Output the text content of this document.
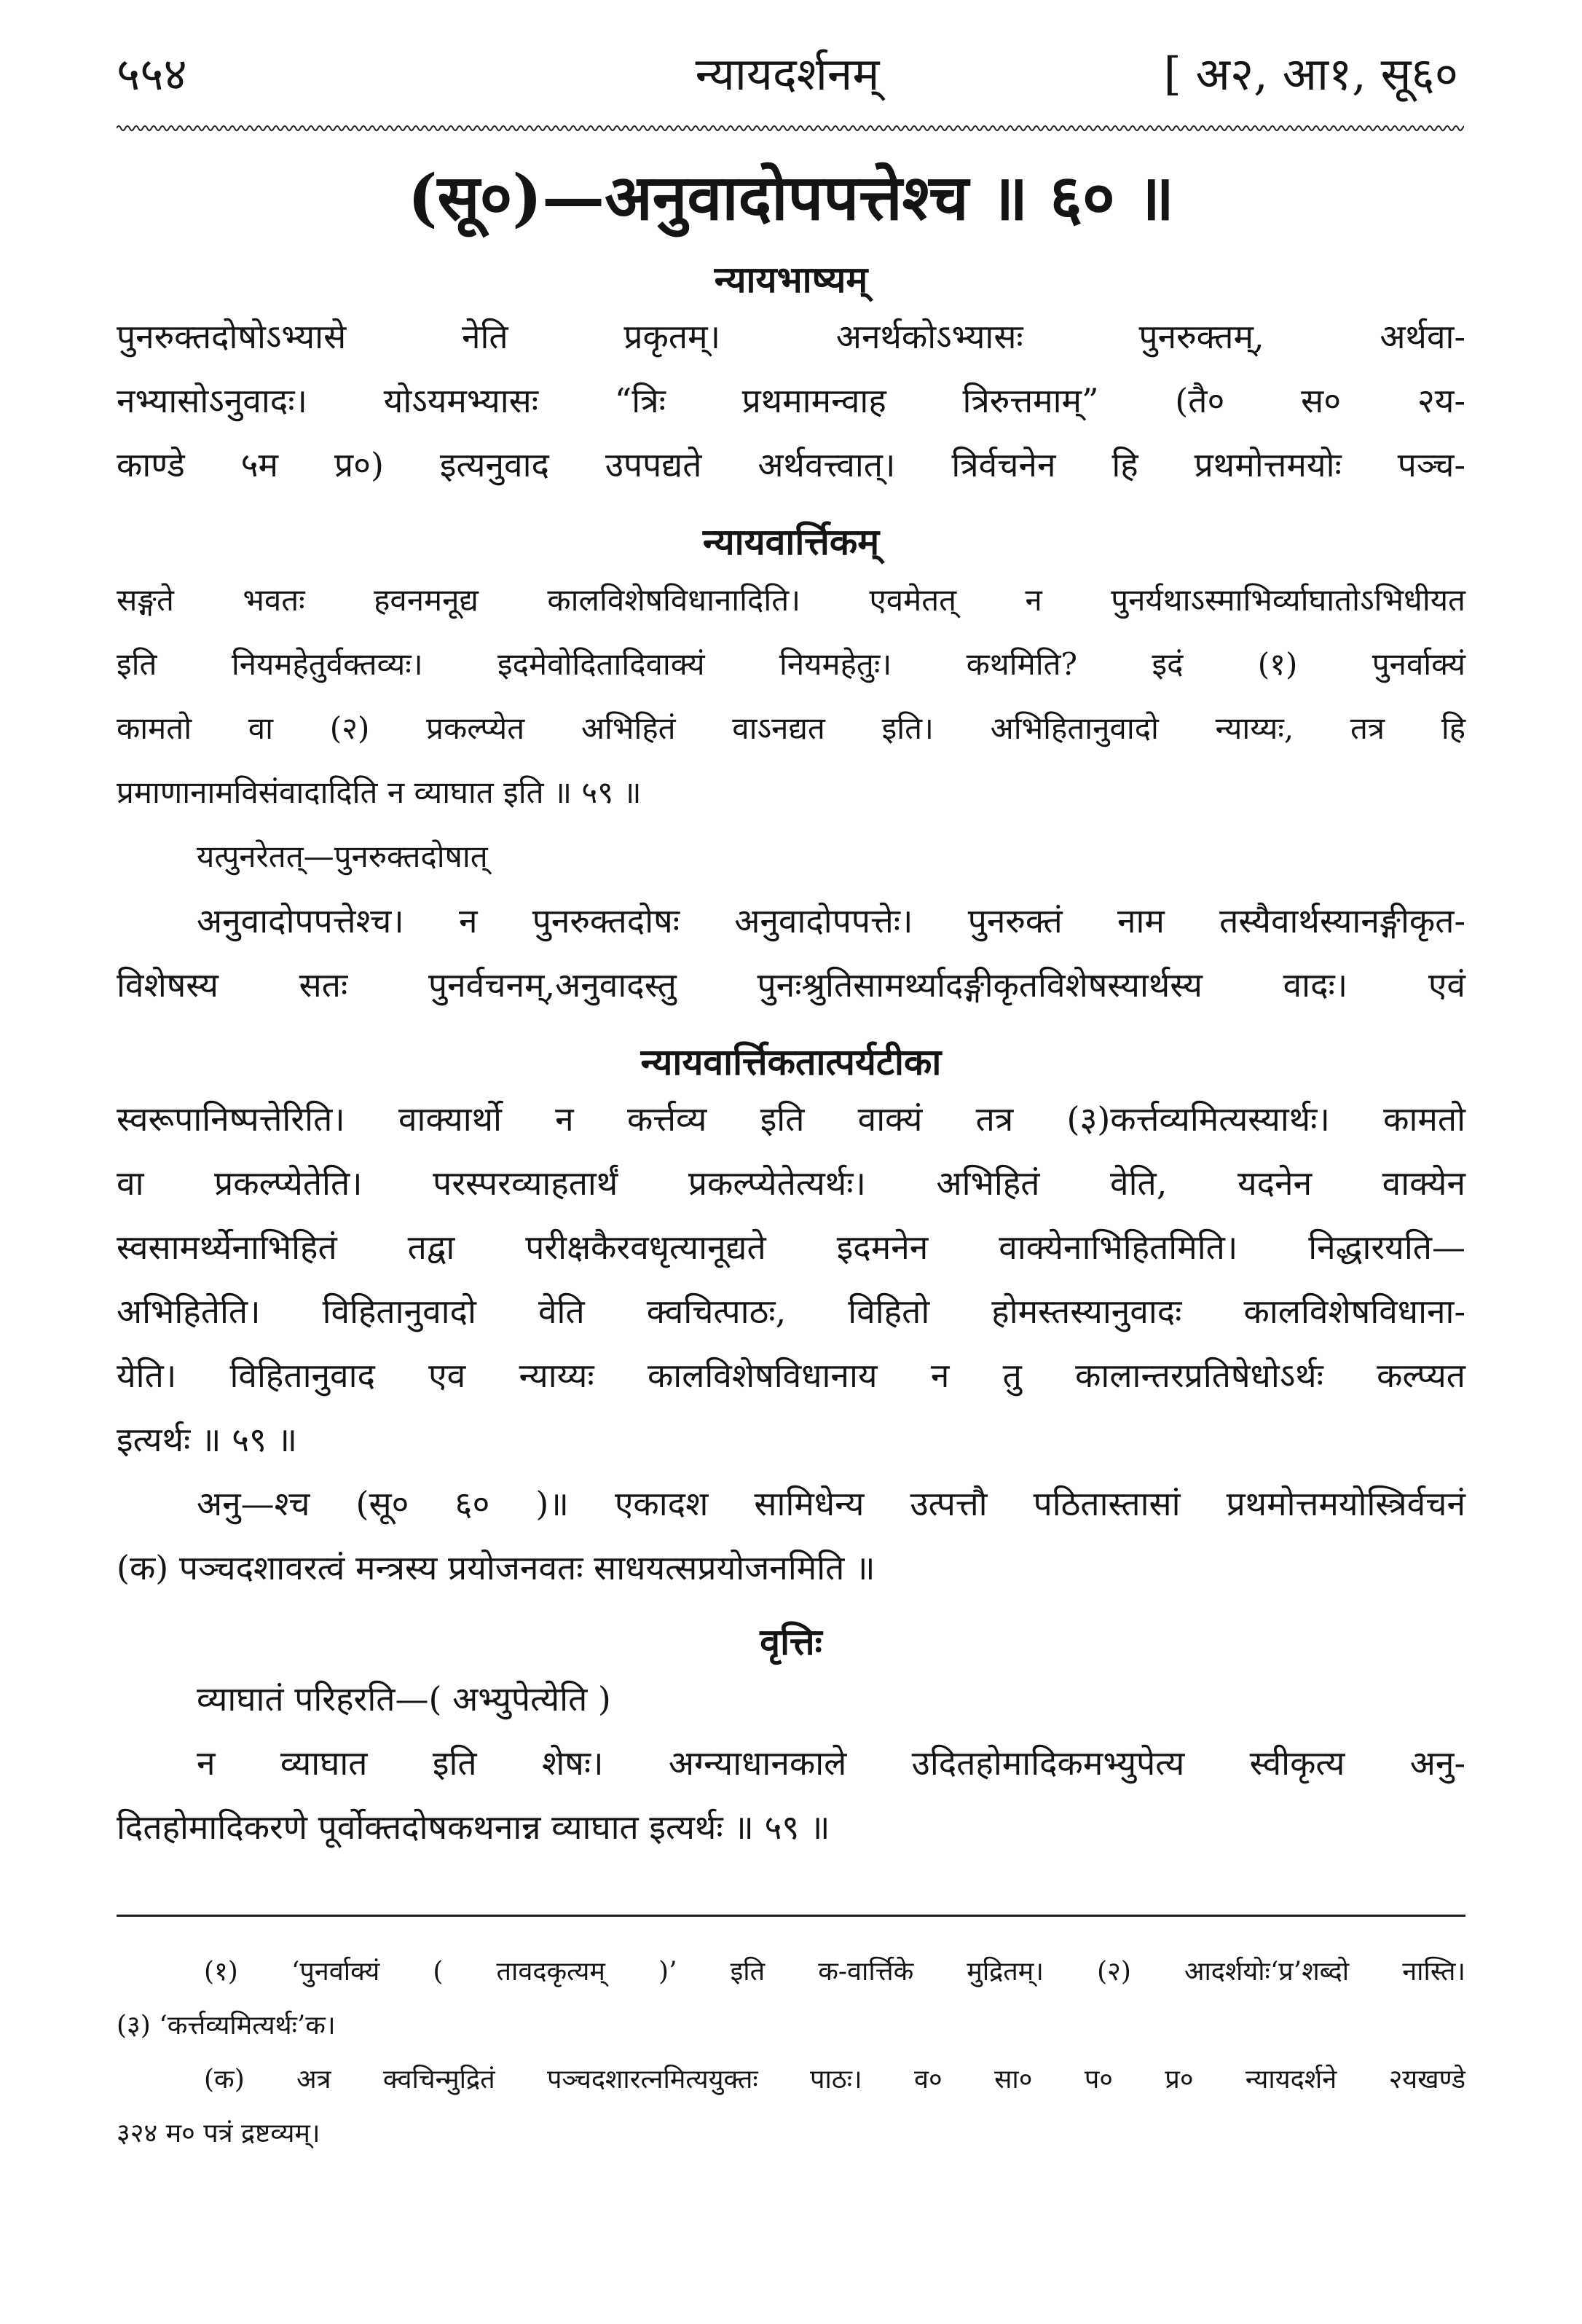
५५४	न्यायदर्शनम्	[ अ२, आ१, सू६०
(सू०)—अनुवादोपपत्तेश्च ॥ ६० ॥
न्यायभाष्यम्
पुनरुक्तदोषोऽभ्यासे नेति प्रकृतम्। अनर्थकोऽभ्यासः पुनरुक्तम्, अर्थवा-
नभ्यासोऽनुवादः। योऽयमभ्यासः “त्रिः प्रथमामन्वाह त्रिरुत्तमाम्” (तै० स० २य-
काण्डे ५म प्र०) इत्यनुवाद उपपद्यते अर्थवत्त्वात्। त्रिर्वचनेन हि प्रथमोत्तमयोः पञ्च-
न्यायवार्त्तिकम्
सङ्गते भवतः हवनमनूद्य कालविशेषविधानादिति। एवमेतत् न पुनर्यथाऽस्माभिर्व्याघातोऽभिधीयत
इति नियमहेतुर्वक्तव्यः। इदमेवोदितादिवाक्यं नियमहेतुः। कथमिति? इदं (१) पुनर्वाक्यं
कामतो वा (२) प्रकल्प्येत अभिहितं वाऽनद्यत इति। अभिहितानुवादो न्याय्यः, तत्र हि
प्रमाणानामविसंवादादिति न व्याघात इति ॥ ५९ ॥
यत्पुनरेतत्—पुनरुक्तदोषात्
अनुवादोपपत्तेश्च। न पुनरुक्तदोषः अनुवादोपपत्तेः। पुनरुक्तं नाम तस्यैवार्थस्यानङ्गीकृत-
विशेषस्य सतः पुनर्वचनम्,अनुवादस्तु पुनःश्रुतिसामर्थ्यादङ्गीकृतविशेषस्यार्थस्य वादः। एवं
न्यायवार्त्तिकतात्पर्यटीका
स्वरूपानिष्पत्तेरिति। वाक्यार्थो न कर्त्तव्य इति वाक्यं तत्र (३)कर्त्तव्यमित्यस्यार्थः। कामतो
वा प्रकल्प्येतेति। परस्परव्याहतार्थं प्रकल्प्येतेत्यर्थः। अभिहितं वेति, यदनेन वाक्येन
स्वसामर्थ्येनाभिहितं तद्वा परीक्षकैरवधृत्यानूद्यते इदमनेन वाक्येनाभिहितमिति। निद्धारयति—
अभिहितेति। विहितानुवादो वेति क्वचित्पाठः, विहितो होमस्तस्यानुवादः कालविशेषविधाना-
येति। विहितानुवाद एव न्याय्यः कालविशेषविधानाय न तु कालान्तरप्रतिषेधोऽर्थः कल्प्यत
इत्यर्थः ॥ ५९ ॥
अनु—श्च (सू० ६० )॥ एकादश सामिधेन्य उत्पत्तौ पठितास्तासां प्रथमोत्तमयोस्त्रिर्वचनं
(क) पञ्चदशावरत्वं मन्त्रस्य प्रयोजनवतः साधयत्सप्रयोजनमिति ॥
वृत्तिः
व्याघातं परिहरति—( अभ्युपेत्येति )
न व्याघात इति शेषः। अग्न्याधानकाले उदितहोमादिकमभ्युपेत्य स्वीकृत्य अनु-
दितहोमादिकरणे पूर्वोक्तदोषकथनान्न व्याघात इत्यर्थः ॥ ५९ ॥
(१) ‘पुनर्वाक्यं ( तावदकृत्यम् )’ इति क-वार्त्तिके मुद्रितम्। (२) आदर्शयोः‘प्र’शब्दो नास्ति।
(३) ‘कर्त्तव्यमित्यर्थः’क।
(क) अत्र क्वचिन्मुद्रितं पञ्चदशारत्नमित्ययुक्तः पाठः। व० सा० प० प्र० न्यायदर्शने २यखण्डे
३२४ म० पत्रं द्रष्टव्यम्।
